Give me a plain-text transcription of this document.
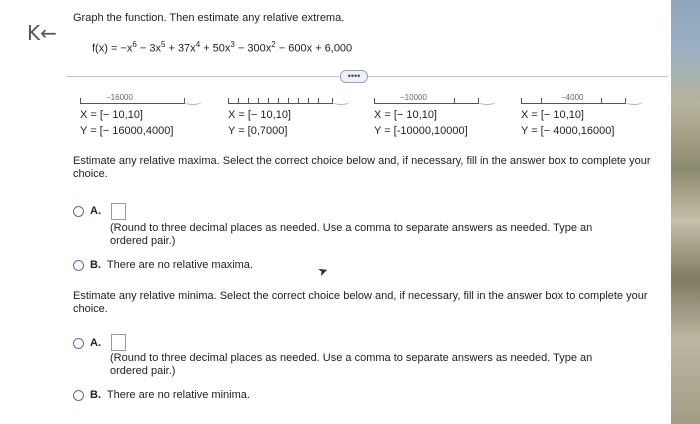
K←
Graph the function. Then estimate any relative extrema.
$f(x) = -x^6 - 3x^5 + 37x^4 + 50x^3 - 300x^2 - 600x + 6,000$
••••
−16000
X = [− 10,10]
Y = [− 16000,4000]
X = [− 10,10]
Y = [0,7000]
−10000
X = [− 10,10]
Y = [-10000,10000]
−4000
X = [− 10,10]
Y = [− 4000,16000]
Estimate any relative maxima. Select the correct choice below and, if necessary, fill in the answer box to complete your choice.
A.
(Round to three decimal places as needed. Use a comma to separate answers as needed. Type an ordered pair.)
B. There are no relative maxima.	➤
Estimate any relative minima. Select the correct choice below and, if necessary, fill in the answer box to complete your choice.
A.
(Round to three decimal places as needed. Use a comma to separate answers as needed. Type an ordered pair.)
B. There are no relative minima.
